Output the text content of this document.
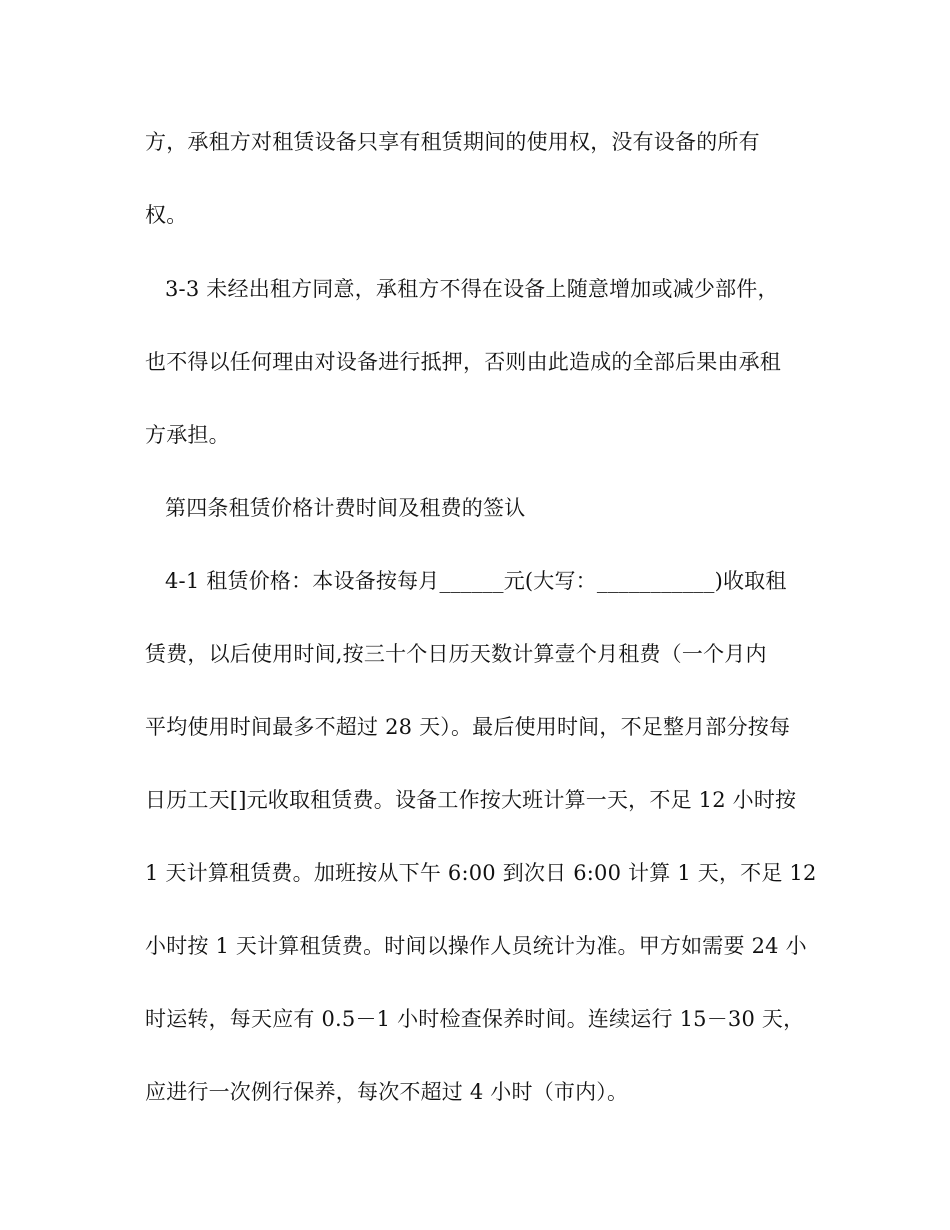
方，承租方对租赁设备只享有租赁期间的使用权，没有设备的所有
权。
3-3 未经出租方同意，承租方不得在设备上随意增加或减少部件，
也不得以任何理由对设备进行抵押，否则由此造成的全部后果由承租
方承担。
第四条租赁价格计费时间及租费的签认
4-1 租赁价格：本设备按每月______元(大写：___________)收取租
赁费，以后使用时间,按三十个日历天数计算壹个月租费（一个月内
平均使用时间最多不超过 28 天）。最后使用时间，不足整月部分按每
日历工天[]元收取租赁费。设备工作按大班计算一天，不足 12 小时按
1 天计算租赁费。加班按从下午 6:00 到次日 6:00 计算 1 天，不足 12
小时按 1 天计算租赁费。时间以操作人员统计为准。甲方如需要 24 小
时运转，每天应有 0.5－1 小时检查保养时间。连续运行 15－30 天，
应进行一次例行保养，每次不超过 4 小时（市内）。
